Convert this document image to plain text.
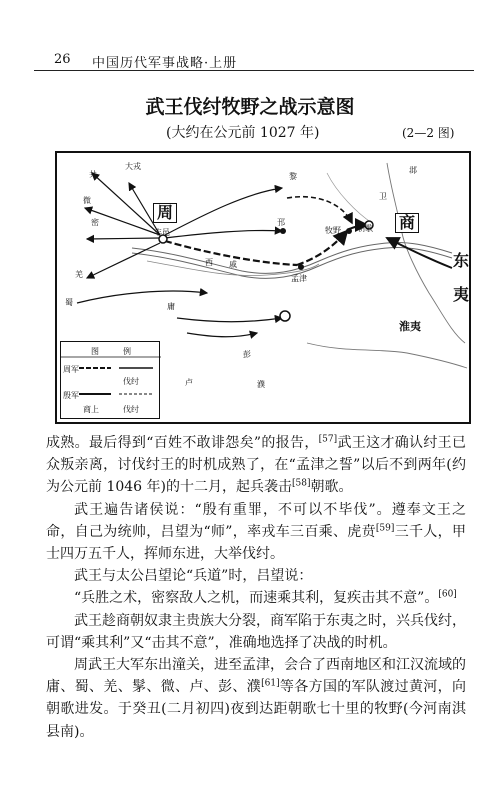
26 中国历代军事战略·上册
武王伐纣牧野之战示意图
(大约在公元前 1027 年)	(2—2 图)
周
商
东
夷
淮夷
丰邑
西 戚
孟津
牧野 朝歌
黎
邘
共
大戎
微
密
羌
蜀	庸
卢
彭
濮
卫
邶
图	例
周军
伐纣
殷军
商上	伐纣

成熟。最后得到“百姓不敢诽怨矣”的报告，[57]武王这才确认纣王已众叛亲离，讨伐纣王的时机成熟了，在“孟津之誓”以后不到两年(约为公元前 1046 年)的十二月，起兵袭击[58]朝歌。

武王遍告诸侯说：“殷有重罪，不可以不毕伐”。遵奉文王之命，自己为统帅，吕望为“师”，率戎车三百乘、虎贲[59]三千人，甲士四万五千人，挥师东进，大举伐纣。

武王与太公吕望论“兵道”时，吕望说：

“兵胜之术，密察敌人之机，而速乘其利，复疾击其不意”。[60]

武王趁商朝奴隶主贵族大分裂，商军陷于东夷之时，兴兵伐纣，可谓“乘其利”又“击其不意”，准确地选择了决战的时机。

周武王大军东出潼关，进至孟津，会合了西南地区和江汉流域的庸、蜀、羌、髳、微、卢、彭、濮[61]等各方国的军队渡过黄河，向朝歌进发。于癸丑(二月初四)夜到达距朝歌七十里的牧野(今河南淇县南)。
